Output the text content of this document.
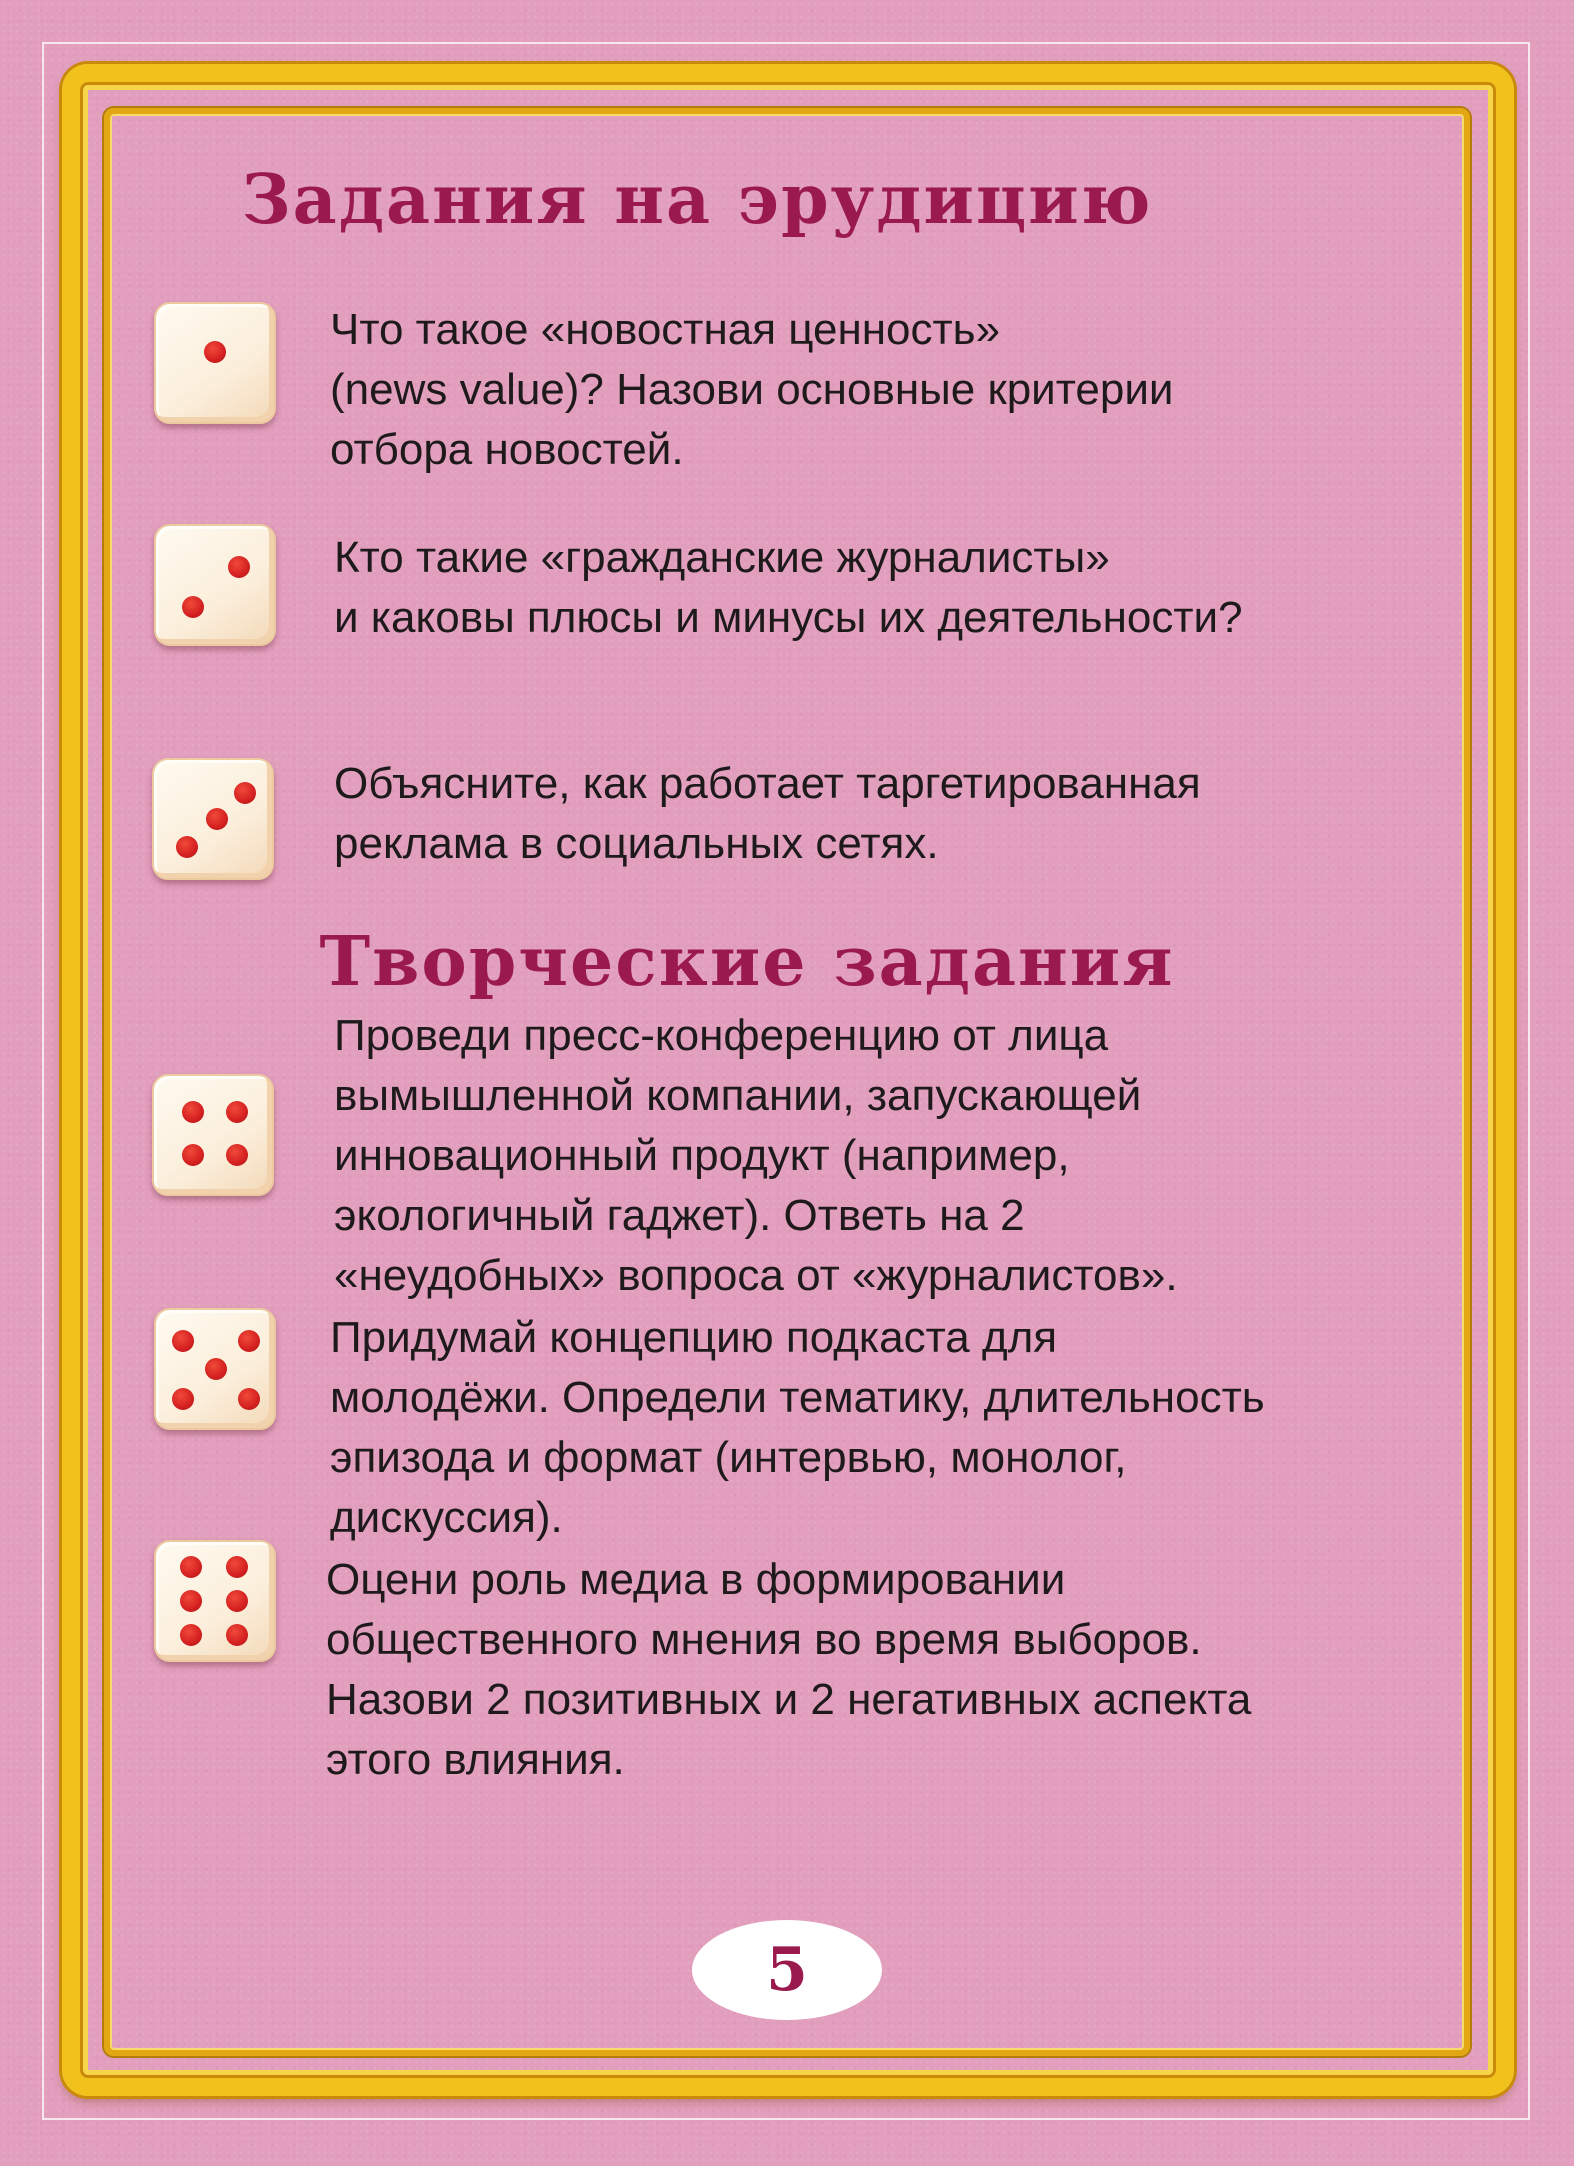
Задания на эрудицию

Что такое «новостная ценность»
(news value)? Назови основные критерии
отбора новостей.

Кто такие «гражданские журналисты»
и каковы плюсы и минусы их деятельности?

Объясните, как работает таргетированная
реклама в социальных сетях.

Творческие задания

Проведи пресс-конференцию от лица
вымышленной компании, запускающей
инновационный продукт (например,
экологичный гаджет). Ответь на 2
«неудобных» вопроса от «журналистов».

Придумай концепцию подкаста для
молодёжи. Определи тематику, длительность
эпизода и формат (интервью, монолог,
дискуссия).

Оцени роль медиа в формировании
общественного мнения во время выборов.
Назови 2 позитивных и 2 негативных аспекта
этого влияния.

5
